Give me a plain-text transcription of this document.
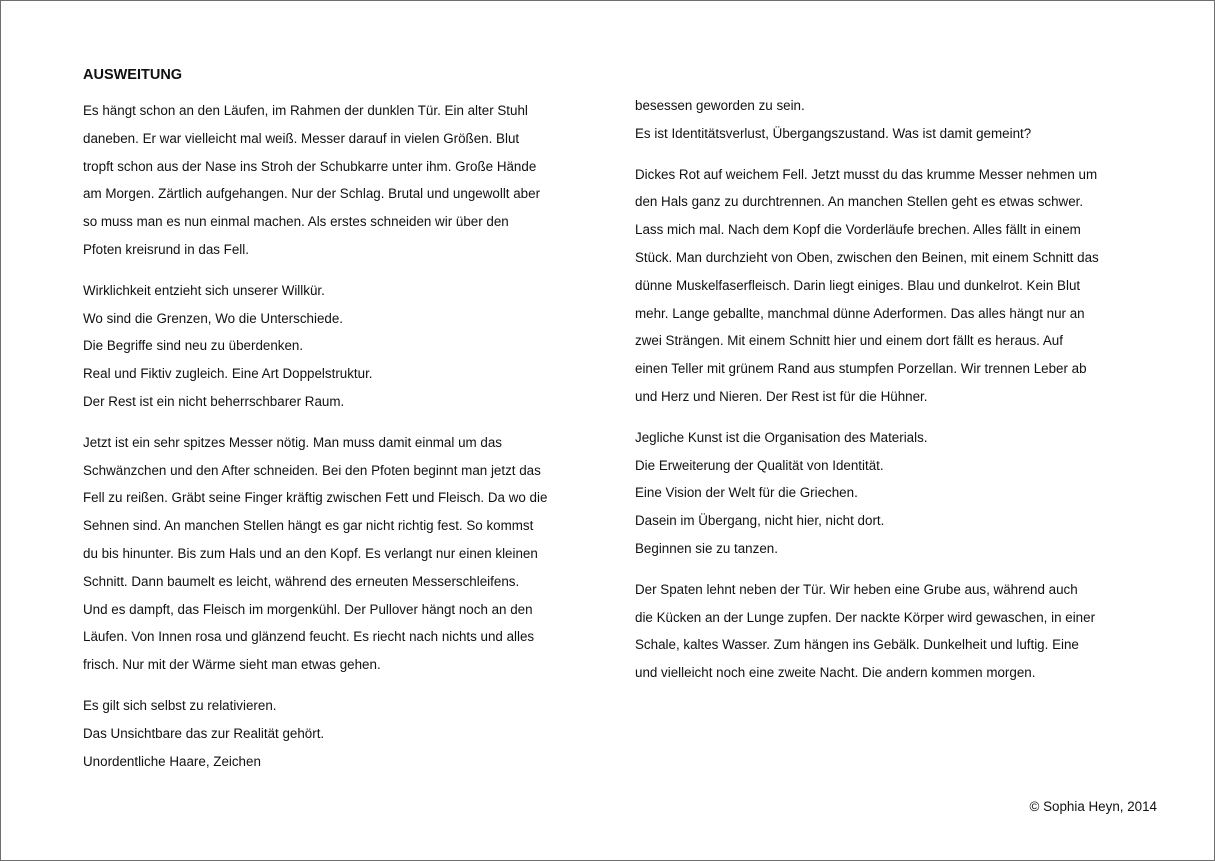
AUSWEITUNG
Es hängt schon an den Läufen, im Rahmen der dunklen Tür. Ein alter Stuhl
daneben. Er war vielleicht mal weiß. Messer darauf in vielen Größen. Blut
tropft schon aus der Nase ins Stroh der Schubkarre unter ihm. Große Hände
am Morgen. Zärtlich aufgehangen. Nur der Schlag. Brutal und ungewollt aber
so muss man es nun einmal machen. Als erstes schneiden wir über den
Pfoten kreisrund in das Fell.
Wirklichkeit entzieht sich unserer Willkür.
Wo sind die Grenzen, Wo die Unterschiede.
Die Begriffe sind neu zu überdenken.
Real und Fiktiv zugleich. Eine Art Doppelstruktur.
Der Rest ist ein nicht beherrschbarer Raum.
Jetzt ist ein sehr spitzes Messer nötig. Man muss damit einmal um das
Schwänzchen und den After schneiden. Bei den Pfoten beginnt man jetzt das
Fell zu reißen. Gräbt seine Finger kräftig zwischen Fett und Fleisch. Da wo die
Sehnen sind. An manchen Stellen hängt es gar nicht richtig fest. So kommst
du bis hinunter. Bis zum Hals und an den Kopf. Es verlangt nur einen kleinen
Schnitt. Dann baumelt es leicht, während des erneuten Messerschleifens.
Und es dampft, das Fleisch im morgenkühl. Der Pullover hängt noch an den
Läufen. Von Innen rosa und glänzend feucht. Es riecht nach nichts und alles
frisch. Nur mit der Wärme sieht man etwas gehen.
Es gilt sich selbst zu relativieren.
Das Unsichtbare das zur Realität gehört.
Unordentliche Haare, Zeichen
besessen geworden zu sein.
Es ist Identitätsverlust, Übergangszustand. Was ist damit gemeint?
Dickes Rot auf weichem Fell. Jetzt musst du das krumme Messer nehmen um
den Hals ganz zu durchtrennen. An manchen Stellen geht es etwas schwer.
Lass mich mal. Nach dem Kopf die Vorderläufe brechen. Alles fällt in einem
Stück. Man durchzieht von Oben, zwischen den Beinen, mit einem Schnitt das
dünne Muskelfaserfleisch. Darin liegt einiges. Blau und dunkelrot. Kein Blut
mehr. Lange geballte, manchmal dünne Aderformen. Das alles hängt nur an
zwei Strängen. Mit einem Schnitt hier und einem dort fällt es heraus. Auf
einen Teller mit grünem Rand aus stumpfen Porzellan. Wir trennen Leber ab
und Herz und Nieren. Der Rest ist für die Hühner.
Jegliche Kunst ist die Organisation des Materials.
Die Erweiterung der Qualität von Identität.
Eine Vision der Welt für die Griechen.
Dasein im Übergang, nicht hier, nicht dort.
Beginnen sie zu tanzen.
Der Spaten lehnt neben der Tür. Wir heben eine Grube aus, während auch
die Kücken an der Lunge zupfen. Der nackte Körper wird gewaschen, in einer
Schale, kaltes Wasser. Zum hängen ins Gebälk. Dunkelheit und luftig. Eine
und vielleicht noch eine zweite Nacht. Die andern kommen morgen.
© Sophia Heyn, 2014
